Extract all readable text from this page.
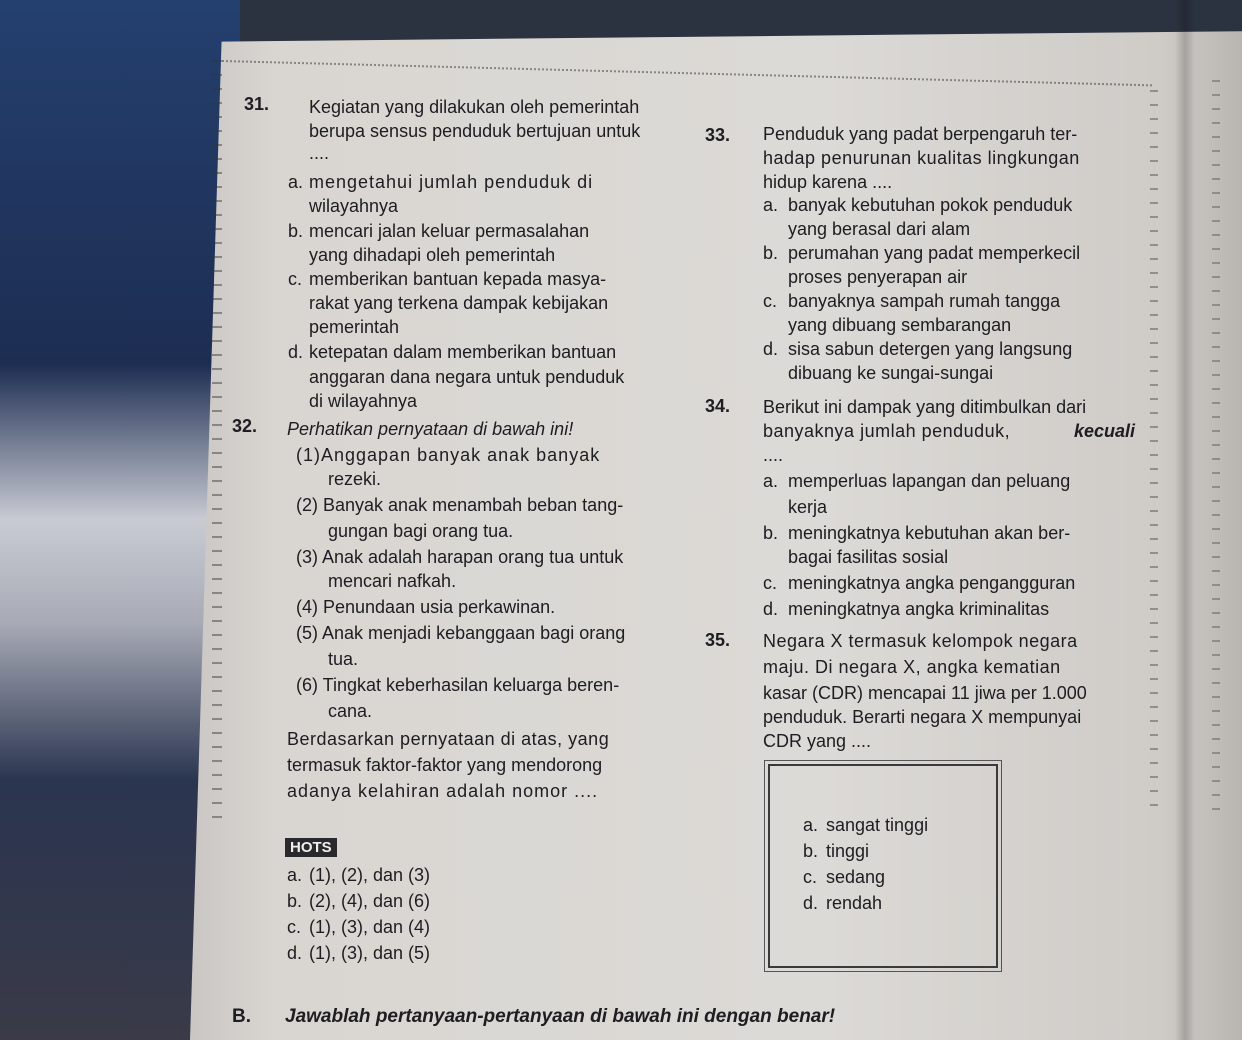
31. Kegiatan yang dilakukan oleh pemerintah
berupa sensus penduduk bertujuan untuk
....
a. mengetahui jumlah penduduk di
wilayahnya
b. mencari jalan keluar permasalahan
yang dihadapi oleh pemerintah
c. memberikan bantuan kepada masya-
rakat yang terkena dampak kebijakan
pemerintah
d. ketepatan dalam memberikan bantuan
anggaran dana negara untuk penduduk
di wilayahnya
32. Perhatikan pernyataan di bawah ini!
(1)Anggapan banyak anak banyak
rezeki.
(2) Banyak anak menambah beban tang-
gungan bagi orang tua.
(3) Anak adalah harapan orang tua untuk
mencari nafkah.
(4) Penundaan usia perkawinan.
(5) Anak menjadi kebanggaan bagi orang
tua.
(6) Tingkat keberhasilan keluarga beren-
cana.
Berdasarkan pernyataan di atas, yang
termasuk faktor-faktor yang mendorong
adanya kelahiran adalah nomor ....
HOTS
a. (1), (2), dan (3)
b. (2), (4), dan (6)
c. (1), (3), dan (4)
d. (1), (3), dan (5)
33. Penduduk yang padat berpengaruh ter-
hadap penurunan kualitas lingkungan
hidup karena ....
a. banyak kebutuhan pokok penduduk
yang berasal dari alam
b. perumahan yang padat memperkecil
proses penyerapan air
c. banyaknya sampah rumah tangga
yang dibuang sembarangan
d. sisa sabun detergen yang langsung
dibuang ke sungai-sungai
34. Berikut ini dampak yang ditimbulkan dari
banyaknya jumlah penduduk,	kecuali
....
a. memperluas lapangan dan peluang
kerja
b. meningkatnya kebutuhan akan ber-
bagai fasilitas sosial
c. meningkatnya angka pengangguran
d. meningkatnya angka kriminalitas
35. Negara X termasuk kelompok negara
maju. Di negara X, angka kematian
kasar (CDR) mencapai 11 jiwa per 1.000
penduduk. Berarti negara X mempunyai
CDR yang ....
a. sangat tinggi
b. tinggi
c. sedang
d. rendah
B. Jawablah pertanyaan-pertanyaan di bawah ini dengan benar!
